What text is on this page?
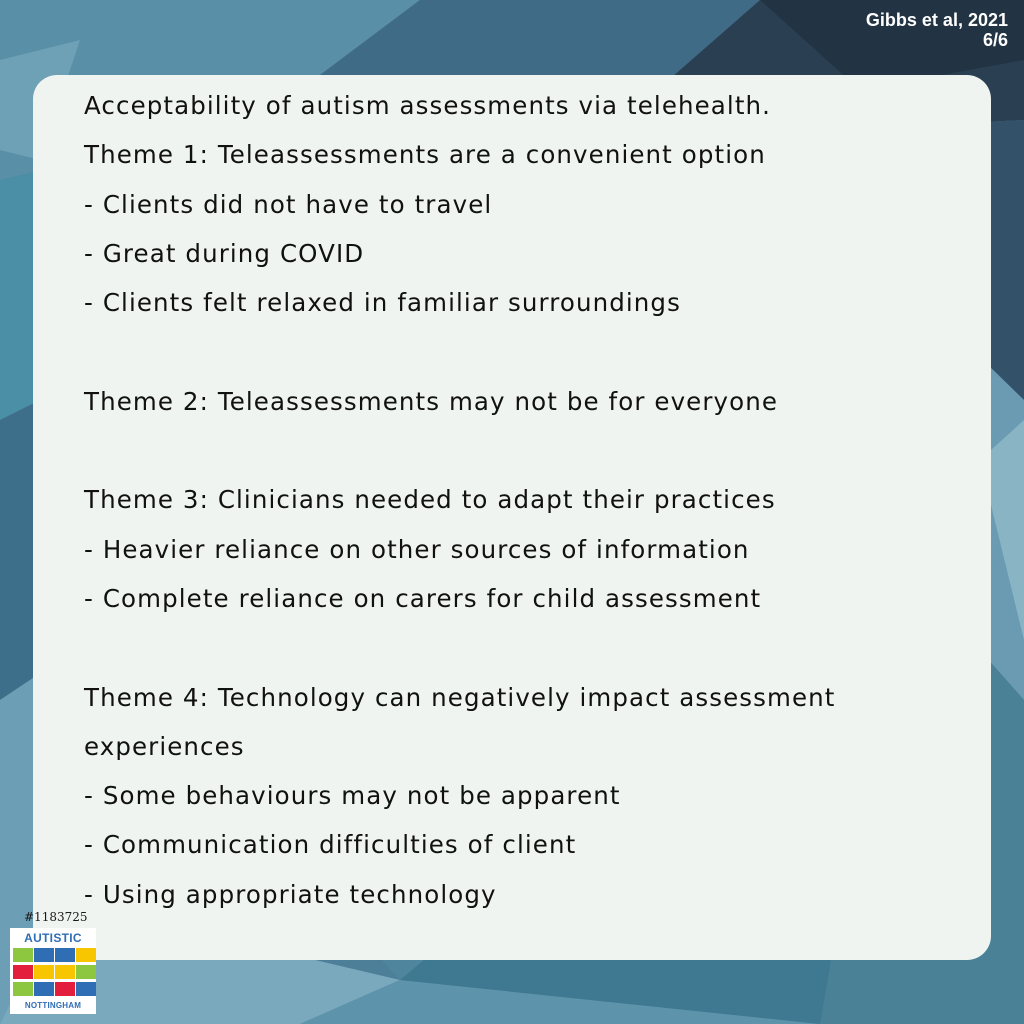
Gibbs et al, 2021
6/6
Acceptability of autism assessments via telehealth.
Theme 1: Teleassessments are a convenient option
- Clients did not have to travel
- Great during COVID
- Clients felt relaxed in familiar surroundings
Theme 2: Teleassessments may not be for everyone
Theme 3: Clinicians needed to adapt their practices
- Heavier reliance on other sources of information
- Complete reliance on carers for child assessment
Theme 4: Technology can negatively impact assessment
experiences
- Some behaviours may not be apparent
- Communication difficulties of client
- Using appropriate technology
#1183725
AUTISTIC
NOTTINGHAM
